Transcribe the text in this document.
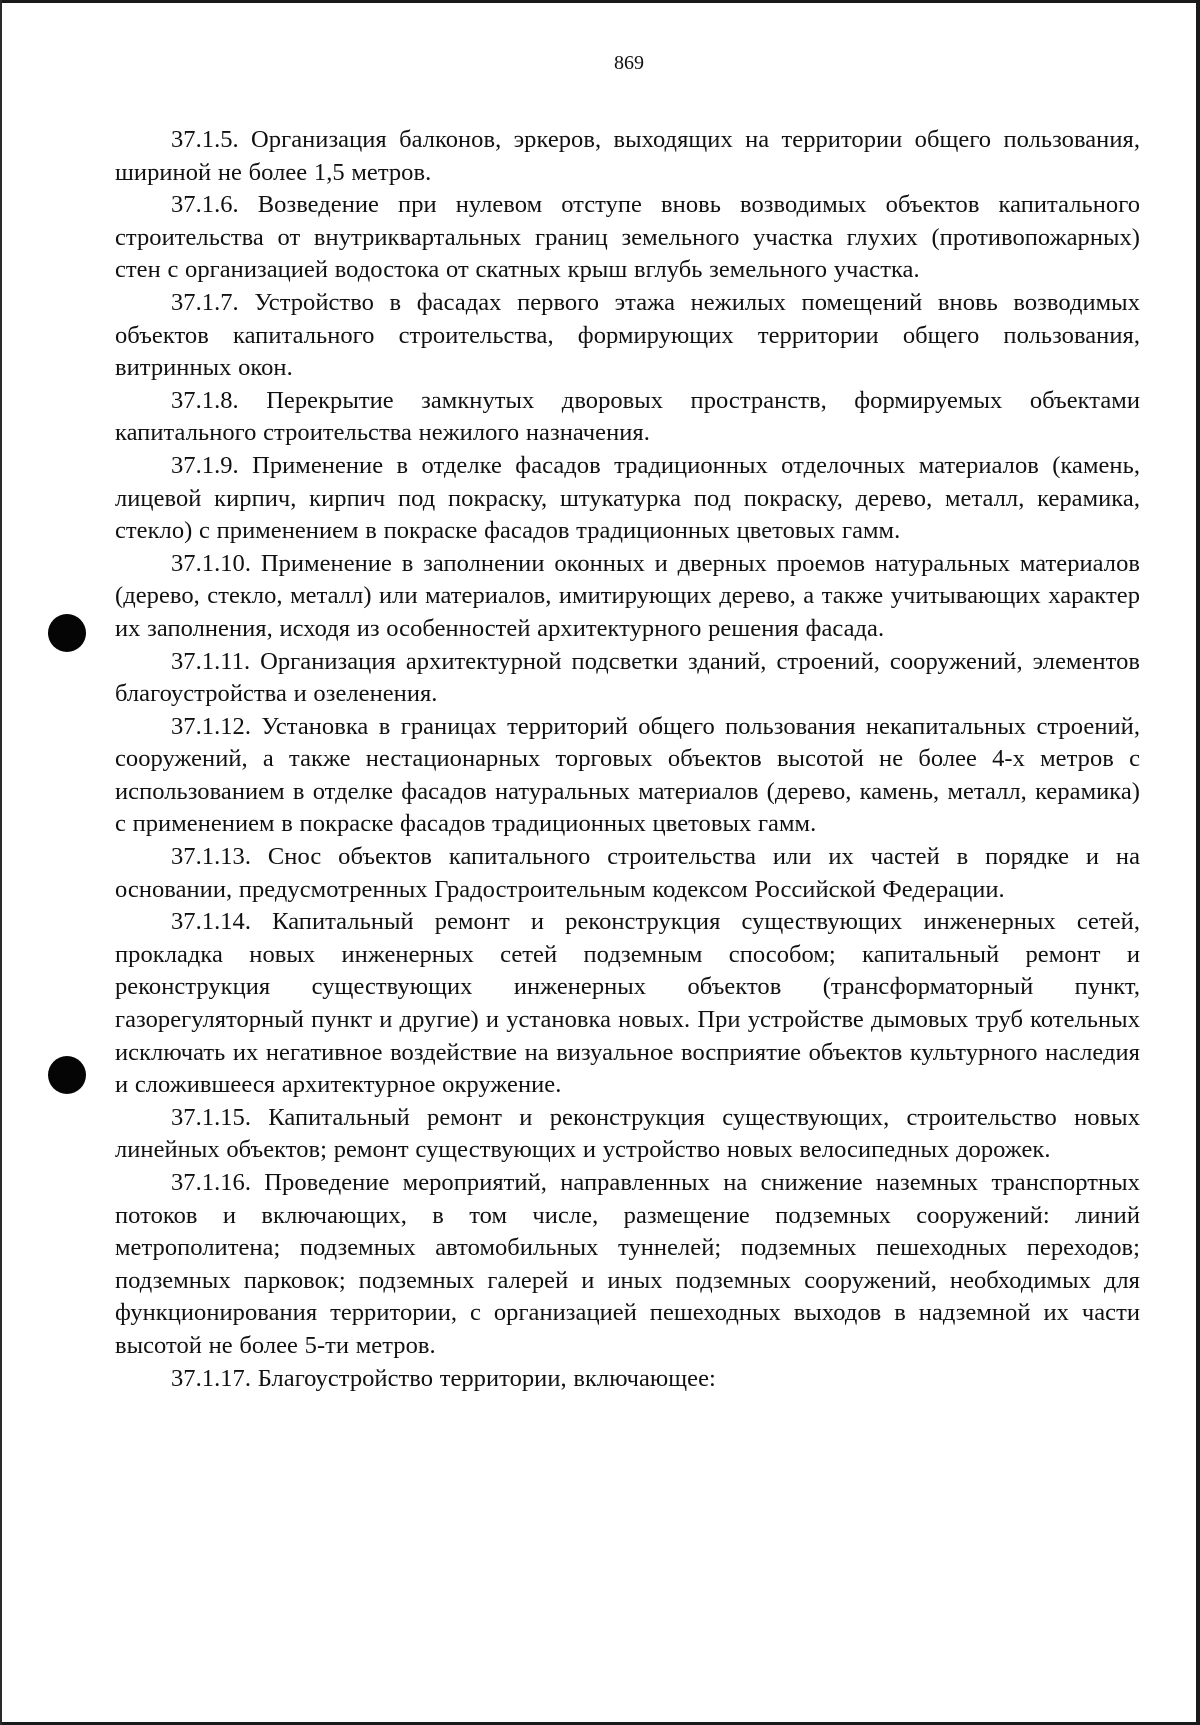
869

37.1.5. Организация балконов, эркеров, выходящих на территории общего пользования, шириной не более 1,5 метров.

37.1.6. Возведение при нулевом отступе вновь возводимых объектов капитального строительства от внутриквартальных границ земельного участка глухих (противопожарных) стен с организацией водостока от скатных крыш вглубь земельного участка.

37.1.7. Устройство в фасадах первого этажа нежилых помещений вновь возводимых объектов капитального строительства, формирующих территории общего пользования, витринных окон.

37.1.8. Перекрытие замкнутых дворовых пространств, формируемых объектами капитального строительства нежилого назначения.

37.1.9. Применение в отделке фасадов традиционных отделочных материалов (камень, лицевой кирпич, кирпич под покраску, штукатурка под покраску, дерево, металл, керамика, стекло) с применением в покраске фасадов традиционных цветовых гамм.

37.1.10. Применение в заполнении оконных и дверных проемов натуральных материалов (дерево, стекло, металл) или материалов, имитирующих дерево, а также учитывающих характер их заполнения, исходя из особенностей архитектурного решения фасада.

37.1.11. Организация архитектурной подсветки зданий, строений, сооружений, элементов благоустройства и озеленения.

37.1.12. Установка в границах территорий общего пользования некапитальных строений, сооружений, а также нестационарных торговых объектов высотой не более 4-х метров с использованием в отделке фасадов натуральных материалов (дерево, камень, металл, керамика) с применением в покраске фасадов традиционных цветовых гамм.

37.1.13. Снос объектов капитального строительства или их частей в порядке и на основании, предусмотренных Градостроительным кодексом Российской Федерации.

37.1.14. Капитальный ремонт и реконструкция существующих инженерных сетей, прокладка новых инженерных сетей подземным способом; капитальный ремонт и реконструкция существующих инженерных объектов (трансформаторный пункт, газорегуляторный пункт и другие) и установка новых. При устройстве дымовых труб котельных исключать их негативное воздействие на визуальное восприятие объектов культурного наследия и сложившееся архитектурное окружение.

37.1.15. Капитальный ремонт и реконструкция существующих, строительство новых линейных объектов; ремонт существующих и устройство новых велосипедных дорожек.

37.1.16. Проведение мероприятий, направленных на снижение наземных транспортных потоков и включающих, в том числе, размещение подземных сооружений: линий метрополитена; подземных автомобильных туннелей; подземных пешеходных переходов; подземных парковок; подземных галерей и иных подземных сооружений, необходимых для функционирования территории, с организацией пешеходных выходов в надземной их части высотой не более 5-ти метров.

37.1.17. Благоустройство территории, включающее:
